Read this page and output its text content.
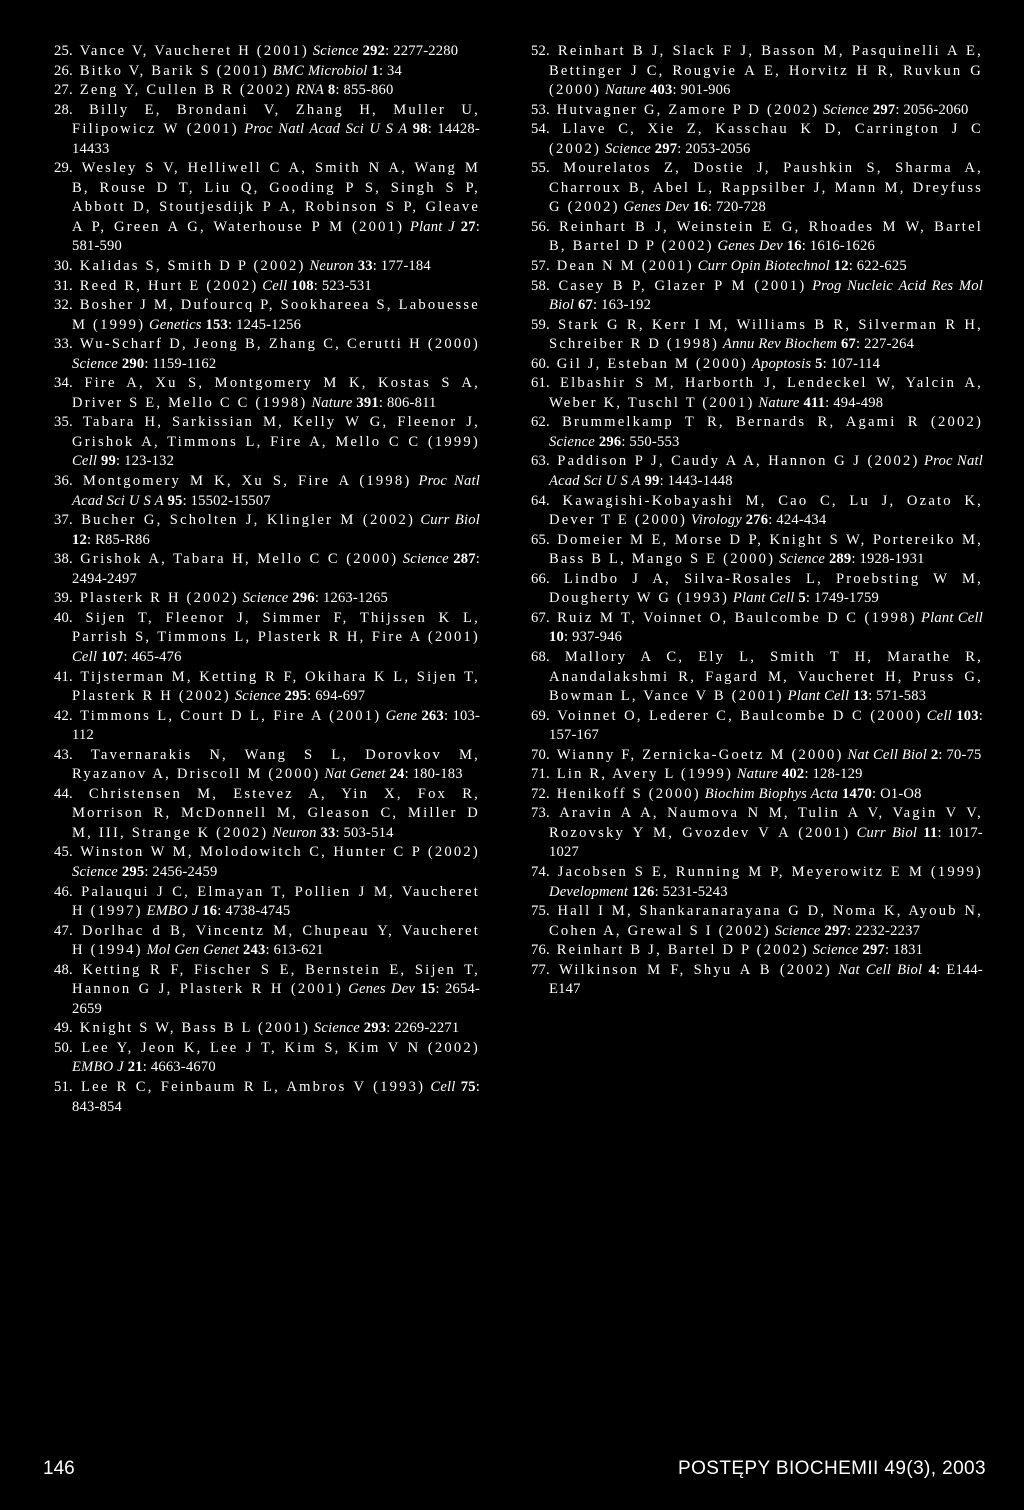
25. Vance V, Vaucheret H (2001) Science 292: 2277-2280

26. Bitko V, Barik S (2001) BMC Microbiol 1: 34

27. Zeng Y, Cullen B R (2002) RNA 8: 855-860

28. Billy E, Brondani V, Zhang H, Muller U, Filipowicz W (2001) Proc Natl Acad Sci U S A 98: 14428-14433

29. Wesley S V, Helliwell C A, Smith N A, Wang M B, Rouse D T, Liu Q, Gooding P S, Singh S P, Abbott D, Stoutjesdijk P A, Robinson S P, Gleave A P, Green A G, Waterhouse P M (2001) Plant J 27: 581-590

30. Kalidas S, Smith D P (2002) Neuron 33: 177-184

31. Reed R, Hurt E (2002) Cell 108: 523-531

32. Bosher J M, Dufourcq P, Sookhareea S, Labouesse M (1999) Genetics 153: 1245-1256

33. Wu-Scharf D, Jeong B, Zhang C, Cerutti H (2000) Science 290: 1159-1162

34. Fire A, Xu S, Montgomery M K, Kostas S A, Driver S E, Mello C C (1998) Nature 391: 806-811

35. Tabara H, Sarkissian M, Kelly W G, Fleenor J, Grishok A, Timmons L, Fire A, Mello C C (1999) Cell 99: 123-132

36. Montgomery M K, Xu S, Fire A (1998) Proc Natl Acad Sci U S A 95: 15502-15507

37. Bucher G, Scholten J, Klingler M (2002) Curr Biol 12: R85-R86

38. Grishok A, Tabara H, Mello C C (2000) Science 287: 2494-2497

39. Plasterk R H (2002) Science 296: 1263-1265

40. Sijen T, Fleenor J, Simmer F, Thijssen K L, Parrish S, Timmons L, Plasterk R H, Fire A (2001) Cell 107: 465-476

41. Tijsterman M, Ketting R F, Okihara K L, Sijen T, Plasterk R H (2002) Science 295: 694-697

42. Timmons L, Court D L, Fire A (2001) Gene 263: 103-112

43. Tavernarakis N, Wang S L, Dorovkov M, Ryazanov A, Driscoll M (2000) Nat Genet 24: 180-183

44. Christensen M, Estevez A, Yin X, Fox R, Morrison R, McDonnell M, Gleason C, Miller D M, III, Strange K (2002) Neuron 33: 503-514

45. Winston W M, Molodowitch C, Hunter C P (2002) Science 295: 2456-2459

46. Palauqui J C, Elmayan T, Pollien J M, Vaucheret H (1997) EMBO J 16: 4738-4745

47. Dorlhac d B, Vincentz M, Chupeau Y, Vaucheret H (1994) Mol Gen Genet 243: 613-621

48. Ketting R F, Fischer S E, Bernstein E, Sijen T, Hannon G J, Plasterk R H (2001) Genes Dev 15: 2654-2659

49. Knight S W, Bass B L (2001) Science 293: 2269-2271

50. Lee Y, Jeon K, Lee J T, Kim S, Kim V N (2002) EMBO J 21: 4663-4670

51. Lee R C, Feinbaum R L, Ambros V (1993) Cell 75: 843-854

52. Reinhart B J, Slack F J, Basson M, Pasquinelli A E, Bettinger J C, Rougvie A E, Horvitz H R, Ruvkun G (2000) Nature 403: 901-906

53. Hutvagner G, Zamore P D (2002) Science 297: 2056-2060

54. Llave C, Xie Z, Kasschau K D, Carrington J C (2002) Science 297: 2053-2056

55. Mourelatos Z, Dostie J, Paushkin S, Sharma A, Charroux B, Abel L, Rappsilber J, Mann M, Dreyfuss G (2002) Genes Dev 16: 720-728

56. Reinhart B J, Weinstein E G, Rhoades M W, Bartel B, Bartel D P (2002) Genes Dev 16: 1616-1626

57. Dean N M (2001) Curr Opin Biotechnol 12: 622-625

58. Casey B P, Glazer P M (2001) Prog Nucleic Acid Res Mol Biol 67: 163-192

59. Stark G R, Kerr I M, Williams B R, Silverman R H, Schreiber R D (1998) Annu Rev Biochem 67: 227-264

60. Gil J, Esteban M (2000) Apoptosis 5: 107-114

61. Elbashir S M, Harborth J, Lendeckel W, Yalcin A, Weber K, Tuschl T (2001) Nature 411: 494-498

62. Brummelkamp T R, Bernards R, Agami R (2002) Science 296: 550-553

63. Paddison P J, Caudy A A, Hannon G J (2002) Proc Natl Acad Sci U S A 99: 1443-1448

64. Kawagishi-Kobayashi M, Cao C, Lu J, Ozato K, Dever T E (2000) Virology 276: 424-434

65. Domeier M E, Morse D P, Knight S W, Portereiko M, Bass B L, Mango S E (2000) Science 289: 1928-1931

66. Lindbo J A, Silva-Rosales L, Proebsting W M, Dougherty W G (1993) Plant Cell 5: 1749-1759

67. Ruiz M T, Voinnet O, Baulcombe D C (1998) Plant Cell 10: 937-946

68. Mallory A C, Ely L, Smith T H, Marathe R, Anandalakshmi R, Fagard M, Vaucheret H, Pruss G, Bowman L, Vance V B (2001) Plant Cell 13: 571-583

69. Voinnet O, Lederer C, Baulcombe D C (2000) Cell 103: 157-167

70. Wianny F, Zernicka-Goetz M (2000) Nat Cell Biol 2: 70-75

71. Lin R, Avery L (1999) Nature 402: 128-129

72. Henikoff S (2000) Biochim Biophys Acta 1470: O1-O8

73. Aravin A A, Naumova N M, Tulin A V, Vagin V V, Rozovsky Y M, Gvozdev V A (2001) Curr Biol 11: 1017-1027

74. Jacobsen S E, Running M P, Meyerowitz E M (1999) Development 126: 5231-5243

75. Hall I M, Shankaranarayana G D, Noma K, Ayoub N, Cohen A, Grewal S I (2002) Science 297: 2232-2237

76. Reinhart B J, Bartel D P (2002) Science 297: 1831

77. Wilkinson M F, Shyu A B (2002) Nat Cell Biol 4: E144-E147

146	POSTĘPY BIOCHEMII 49(3), 2003
